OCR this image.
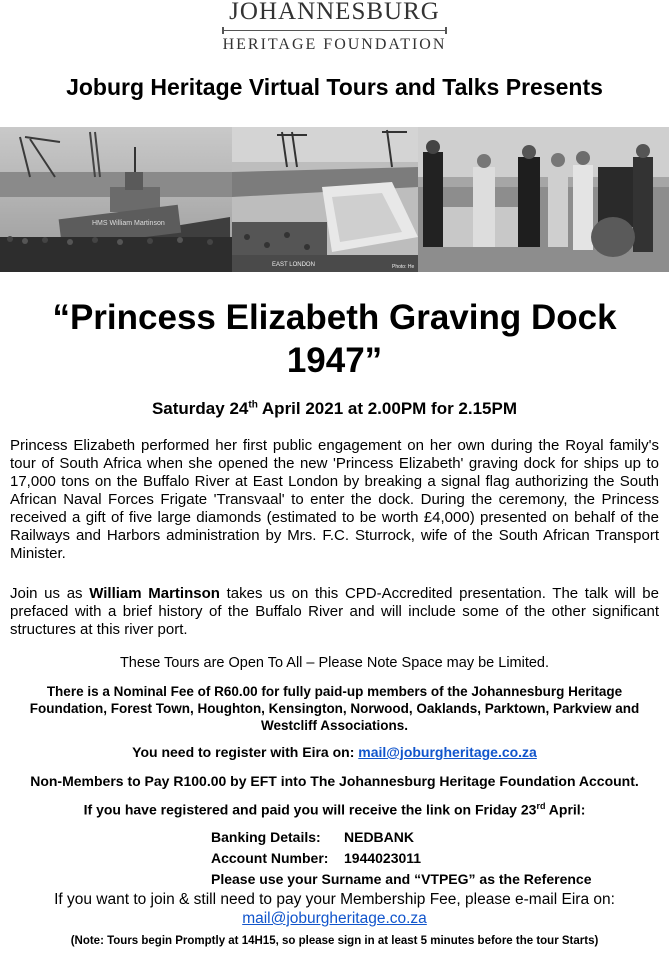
JOHANNESBURG
HERITAGE FOUNDATION
Joburg Heritage Virtual Tours and Talks Presents
HMS William Martinson
EAST LONDON	Photo: He
“Princess Elizabeth Graving Dock
1947”
Saturday 24th April 2021 at 2.00PM for 2.15PM
Princess Elizabeth performed her first public engagement on her own during the Royal family's tour of South Africa when she opened the new 'Princess Elizabeth' graving dock for ships up to 17,000 tons on the Buffalo River at East London by breaking a signal flag authorizing the South African Naval Forces Frigate 'Transvaal' to enter the dock. During the ceremony, the Princess received a gift of five large diamonds (estimated to be worth £4,000) presented on behalf of the Railways and Harbors administration by Mrs. F.C. Sturrock, wife of the South African Transport Minister.
Join us as William Martinson takes us on this CPD-Accredited presentation. The talk will be prefaced with a brief history of the Buffalo River and will include some of the other significant structures at this river port.
These Tours are Open To All – Please Note Space may be Limited.
There is a Nominal Fee of R60.00 for fully paid-up members of the Johannesburg Heritage Foundation, Forest Town, Houghton, Kensington, Norwood, Oaklands, Parktown, Parkview and Westcliff Associations.
You need to register with Eira on: mail@joburgheritage.co.za
Non-Members to Pay R100.00 by EFT into The Johannesburg Heritage Foundation Account.
If you have registered and paid you will receive the link on Friday 23rd April:
Banking Details: NEDBANK
Account Number: 1944023011
Please use your Surname and “VTPEG” as the Reference
If you want to join & still need to pay your Membership Fee, please e-mail Eira on:
mail@joburgheritage.co.za
(Note: Tours begin Promptly at 14H15, so please sign in at least 5 minutes before the tour Starts)
